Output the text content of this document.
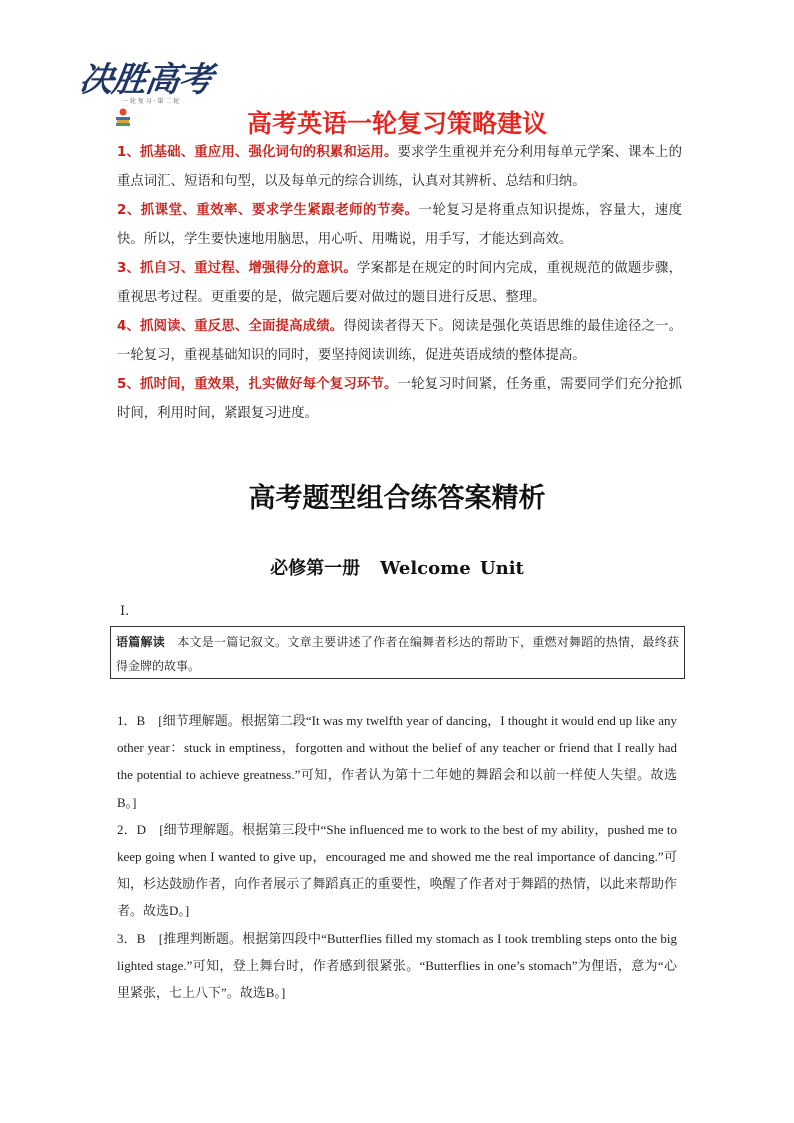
决胜高考
一 轮 复 习 · 第 二 轮
高考英语一轮复习策略建议
1、抓基础、重应用、强化词句的积累和运用。要求学生重视并充分利用每单元学案、课本上的重点词汇、短语和句型，以及每单元的综合训练，认真对其辨析、总结和归纳。
2、抓课堂、重效率、要求学生紧跟老师的节奏。一轮复习是将重点知识提炼，容量大，速度快。所以，学生要快速地用脑思，用心听、用嘴说，用手写，才能达到高效。
3、抓自习、重过程、增强得分的意识。学案都是在规定的时间内完成，重视规范的做题步骤，重视思考过程。更重要的是，做完题后要对做过的题目进行反思、整理。
4、抓阅读、重反思、全面提高成绩。得阅读者得天下。阅读是强化英语思维的最佳途径之一。一轮复习，重视基础知识的同时，要坚持阅读训练，促进英语成绩的整体提高。
5、抓时间，重效果，扎实做好每个复习环节。一轮复习时间紧，任务重，需要同学们充分抢抓时间，利用时间，紧跟复习进度。
高考题型组合练答案精析
必修第一册 Welcome Unit
Ⅰ.

语篇解读　 本文是一篇记叙文。文章主要讲述了作者在编舞者杉达的帮助下，重燃对舞蹈的热情，最终获得金牌的故事。

1．B　[细节理解题。根据第二段“It was my twelfth year of dancing，I thought it would end up like any other year：stuck in emptiness，forgotten and without the belief of any teacher or friend that I really had the potential to achieve greatness.”可知，作者认为第十二年她的舞蹈会和以前一样使人失望。故选B。]

2．D　[细节理解题。根据第三段中“She influenced me to work to the best of my ability，pushed me to keep going when I wanted to give up，encouraged me and showed me the real importance of dancing.”可知，杉达鼓励作者，向作者展示了舞蹈真正的重要性，唤醒了作者对于舞蹈的热情，以此来帮助作者。故选D。]

3．B　[推理判断题。根据第四段中“Butterflies filled my stomach as I took trembling steps onto the big lighted stage.”可知，登上舞台时，作者感到很紧张。“Butterflies in one’s stomach”为俚语，意为“心里紧张，七上八下”。故选B。]
